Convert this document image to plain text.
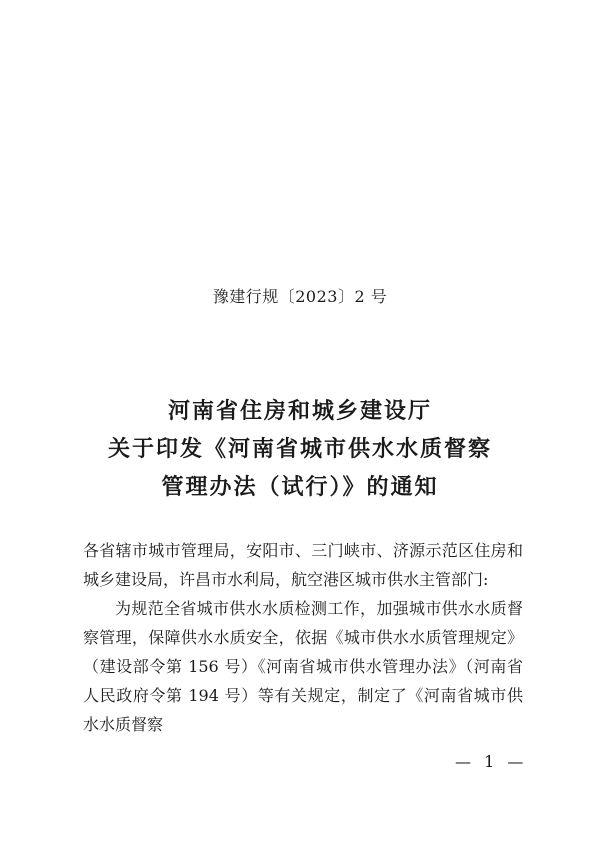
豫建行规〔2023〕2 号
河南省住房和城乡建设厅
关于印发《河南省城市供水水质督察
管理办法（试行）》的通知

各省辖市城市管理局，安阳市、三门峡市、济源示范区住房和城乡建设局，许昌市水利局，航空港区城市供水主管部门:

为规范全省城市供水水质检测工作，加强城市供水水质督察管理，保障供水水质安全，依据《城市供水水质管理规定》（建设部令第 156 号）《河南省城市供水管理办法》（河南省人民政府令第 194 号）等有关规定，制定了《河南省城市供水水质督察

— 1 —
